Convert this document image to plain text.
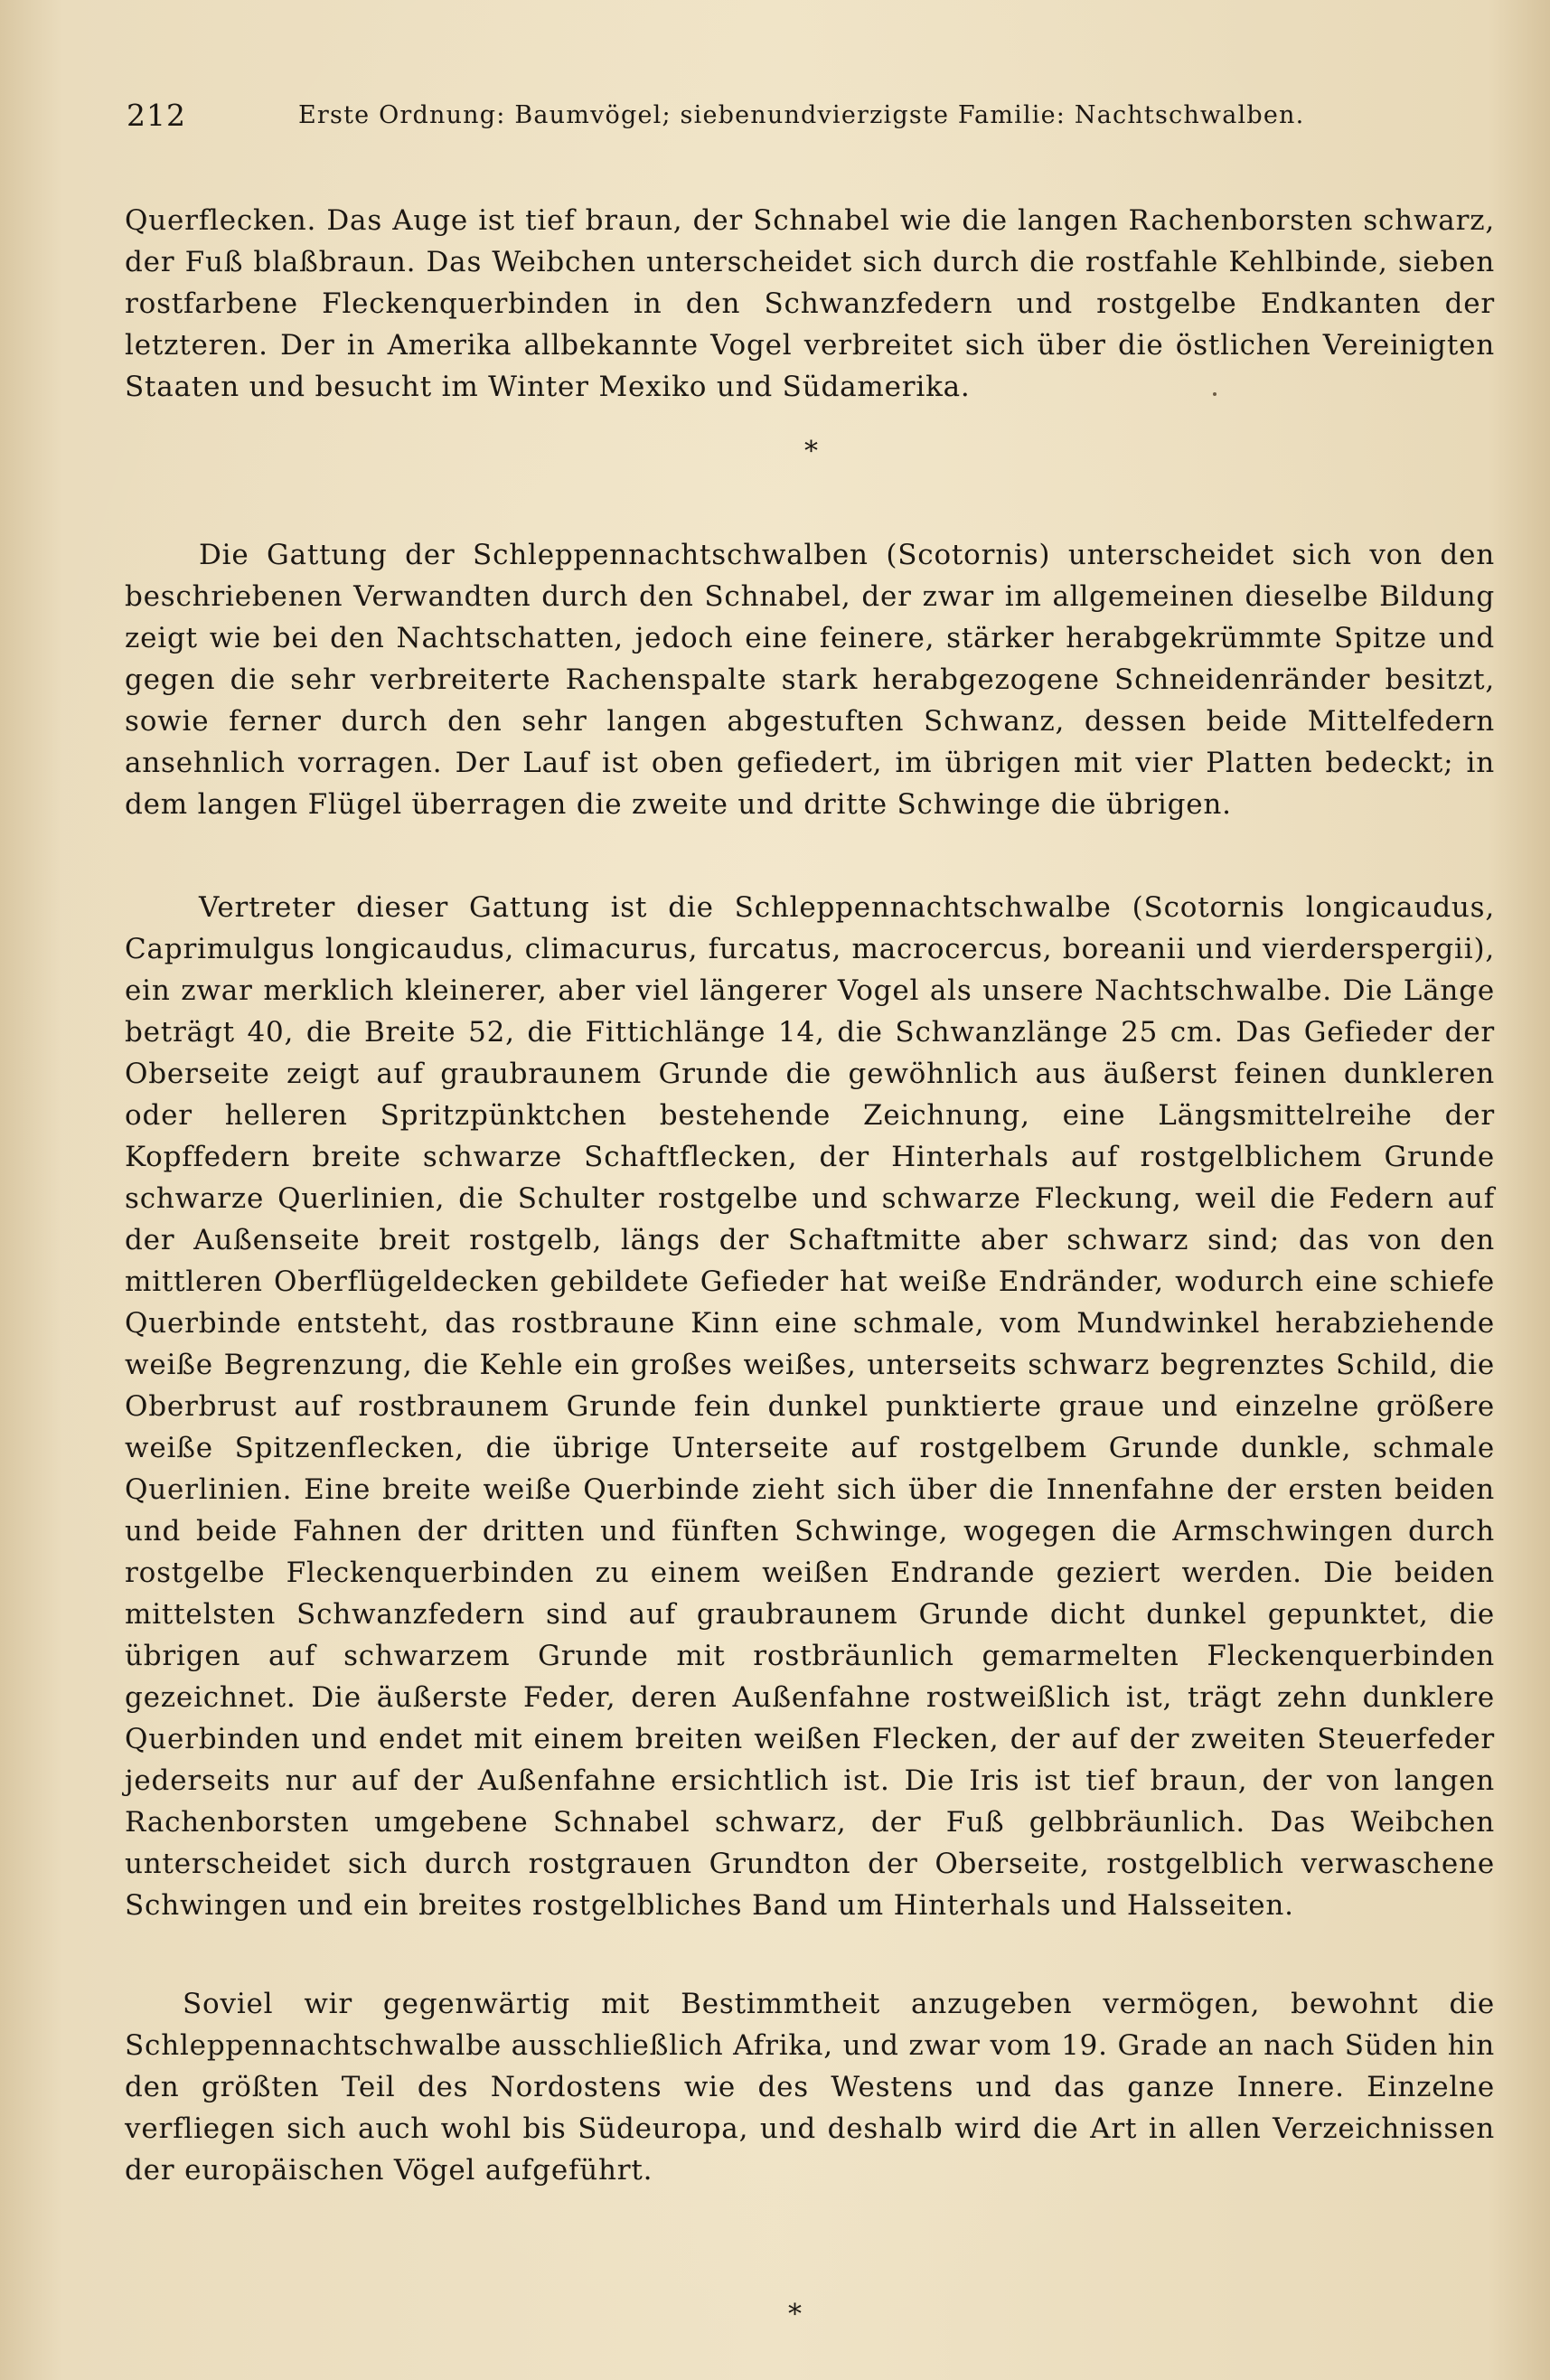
212	Erste Ordnung: Baumvögel; siebenundvierzigste Familie: Nachtschwalben.

Querflecken. Das Auge ist tief braun, der Schnabel wie die langen Rachenborsten schwarz, der Fuß blaßbraun. Das Weibchen unterscheidet sich durch die rostfahle Kehlbinde, sieben rostfarbene Fleckenquerbinden in den Schwanzfedern und rostgelbe Endkanten der letzteren. Der in Amerika allbekannte Vogel verbreitet sich über die östlichen Vereinigten Staaten und besucht im Winter Mexiko und Südamerika.

*

Die Gattung der Schleppennachtschwalben (Scotornis) unterscheidet sich von den beschriebenen Verwandten durch den Schnabel, der zwar im allgemeinen dieselbe Bildung zeigt wie bei den Nachtschatten, jedoch eine feinere, stärker herabgekrümmte Spitze und gegen die sehr verbreiterte Rachenspalte stark herabgezogene Schneidenränder besitzt, sowie ferner durch den sehr langen abgestuften Schwanz, dessen beide Mittelfedern ansehnlich vorragen. Der Lauf ist oben gefiedert, im übrigen mit vier Platten bedeckt; in dem langen Flügel überragen die zweite und dritte Schwinge die übrigen.

Vertreter dieser Gattung ist die Schleppennachtschwalbe (Scotornis longicaudus, Caprimulgus longicaudus, climacurus, furcatus, macrocercus, boreanii und vierderspergii), ein zwar merklich kleinerer, aber viel längerer Vogel als unsere Nachtschwalbe. Die Länge beträgt 40, die Breite 52, die Fittichlänge 14, die Schwanzlänge 25 cm. Das Gefieder der Oberseite zeigt auf graubraunem Grunde die gewöhnlich aus äußerst feinen dunkleren oder helleren Spritzpünktchen bestehende Zeichnung, eine Längsmittelreihe der Kopffedern breite schwarze Schaftflecken, der Hinterhals auf rostgelblichem Grunde schwarze Querlinien, die Schulter rostgelbe und schwarze Fleckung, weil die Federn auf der Außenseite breit rostgelb, längs der Schaftmitte aber schwarz sind; das von den mittleren Oberflügeldecken gebildete Gefieder hat weiße Endränder, wodurch eine schiefe Querbinde entsteht, das rostbraune Kinn eine schmale, vom Mundwinkel herabziehende weiße Begrenzung, die Kehle ein großes weißes, unterseits schwarz begrenztes Schild, die Oberbrust auf rostbraunem Grunde fein dunkel punktierte graue und einzelne größere weiße Spitzenflecken, die übrige Unterseite auf rostgelbem Grunde dunkle, schmale Querlinien. Eine breite weiße Querbinde zieht sich über die Innenfahne der ersten beiden und beide Fahnen der dritten und fünften Schwinge, wogegen die Armschwingen durch rostgelbe Fleckenquerbinden zu einem weißen Endrande geziert werden. Die beiden mittelsten Schwanzfedern sind auf graubraunem Grunde dicht dunkel gepunktet, die übrigen auf schwarzem Grunde mit rostbräunlich gemarmelten Fleckenquerbinden gezeichnet. Die äußerste Feder, deren Außenfahne rostweißlich ist, trägt zehn dunklere Querbinden und endet mit einem breiten weißen Flecken, der auf der zweiten Steuerfeder jederseits nur auf der Außenfahne ersichtlich ist. Die Iris ist tief braun, der von langen Rachenborsten umgebene Schnabel schwarz, der Fuß gelbbräunlich. Das Weibchen unterscheidet sich durch rostgrauen Grundton der Oberseite, rostgelblich verwaschene Schwingen und ein breites rostgelbliches Band um Hinterhals und Halsseiten.

Soviel wir gegenwärtig mit Bestimmtheit anzugeben vermögen, bewohnt die Schleppennachtschwalbe ausschließlich Afrika, und zwar vom 19. Grade an nach Süden hin den größten Teil des Nordostens wie des Westens und das ganze Innere. Einzelne verfliegen sich auch wohl bis Südeuropa, und deshalb wird die Art in allen Verzeichnissen der europäischen Vögel aufgeführt.

*
